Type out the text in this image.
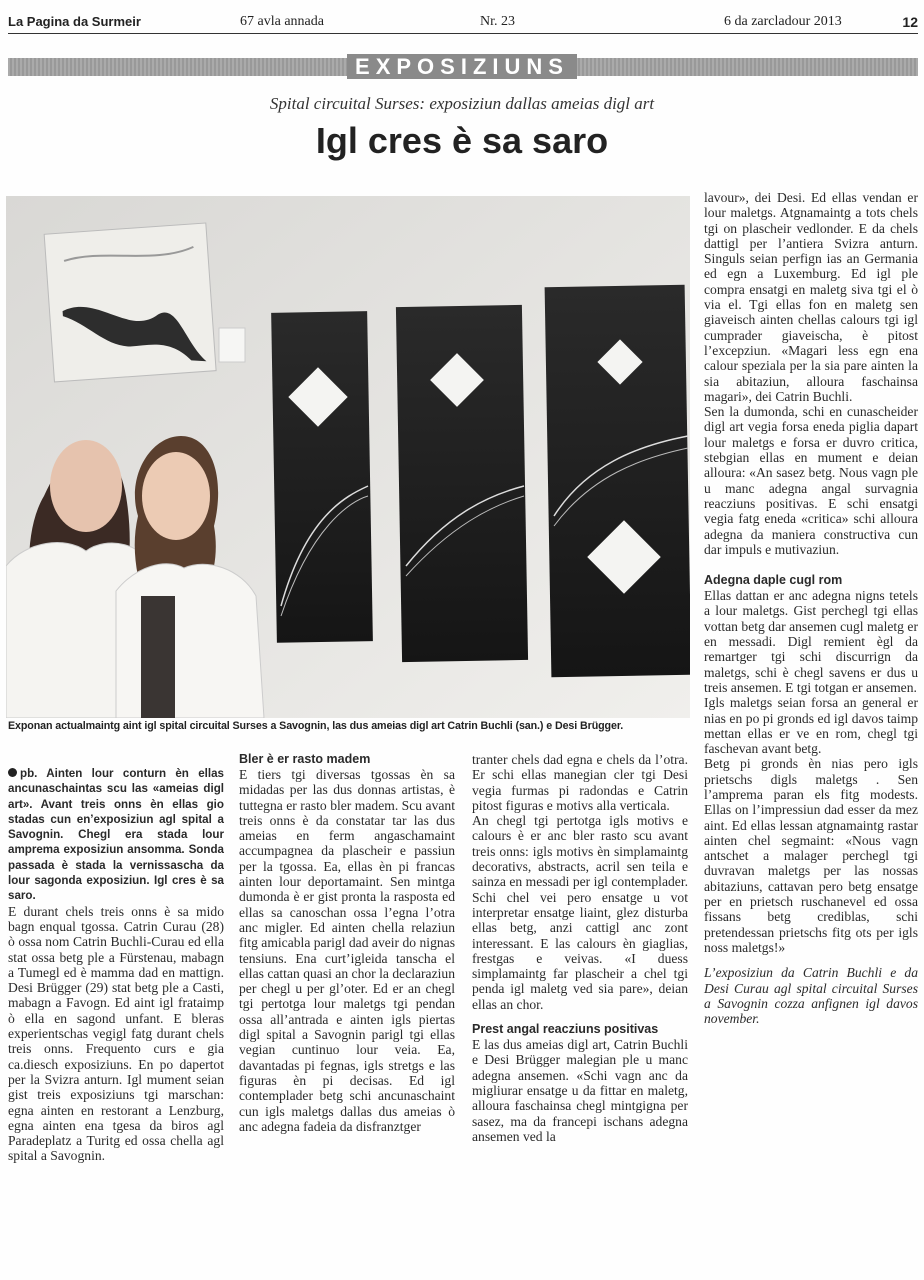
La Pagina da Surmeir	67 avla annada	Nr. 23	6 da zarcladour 2013	12
EXPOSIZIUNS
Spital circuital Surses: exposiziun dallas ameias digl art
Igl cres è sa saro
Exponan actualmaintg aint igl spital circuital Surses a Savognin, las dus ameias digl art Catrin Buchli (san.) e Desi Brügger.

pb. Ainten lour conturn èn ellas ancunaschaintas scu las «ameias digl art». Avant treis onns èn ellas gio stadas cun en’exposiziun agl spital a Savognin. Chegl era stada lour amprema exposiziun ansomma. Sonda passada è stada la vernissascha da lour sagonda exposiziun. Igl cres è sa saro.

E durant chels treis onns è sa mido bagn enqual tgossa. Catrin Curau (28) ò ossa nom Catrin Buchli-Curau ed ella stat ossa betg ple a Fürstenau, mabagn a Tumegl ed è mamma dad en mattign. Desi Brügger (29) stat betg ple a Casti, mabagn a Favogn. Ed aint igl frataimp ò ella en sagond unfant. E bleras experientschas vegigl fatg durant chels treis onns. Frequento curs e gia ca.diesch exposiziuns. En po dapertot per la Svizra anturn. Igl mument seian gist treis exposiziuns tgi marschan: egna ainten en restorant a Lenzburg, egna ainten ena tgesa da biros agl Paradeplatz a Turitg ed ossa chella agl spital a Savognin.

Bler è er rasto madem

E tiers tgi diversas tgossas èn sa midadas per las dus donnas artistas, è tuttegna er rasto bler madem. Scu avant treis onns è da constatar tar las dus ameias en ferm angaschamaint accumpagnea da plascheir e passiun per la tgossa. Ea, ellas èn pi francas ainten lour deportamaint. Sen mintga dumonda è er gist pronta la rasposta ed ellas sa canoschan ossa l’egna l’otra anc migler. Ed ainten chella relaziun fitg amicabla parigl dad aveir do nignas tensiuns. Ena curt’igleida tanscha el ellas cattan quasi an chor la declaraziun per chegl u per gl’oter. Ed er an chegl tgi pertotga lour maletgs tgi pendan ossa all’antrada e ainten igls piertas digl spital a Savognin parigl tgi ellas vegian cuntinuo lour veia. Ea, davantadas pi fegnas, igls stretgs e las figuras èn pi decisas. Ed igl contemplader betg schi ancunaschaint cun igls maletgs dallas dus ameias ò anc adegna fadeia da disfranztger

tranter chels dad egna e chels da l’otra. Er schi ellas manegian cler tgi Desi vegia furmas pi radondas e Catrin pitost figuras e motivs alla verticala.

An chegl tgi pertotga igls motivs e calours è er anc bler rasto scu avant treis onns: igls motivs èn simplamaintg decorativs, abstracts, acril sen teila e sainza en messadi per igl contemplader. Schi chel vei pero ensatge u vot interpretar ensatge liaint, glez disturba ellas betg, anzi cattigl anc zont interessant. E las calours èn giaglias, frestgas e veivas. «I duess simplamaintg far plascheir a chel tgi penda igl maletg ved sia pare», deian ellas an chor.

Prest angal reacziuns positivas

E las dus ameias digl art, Catrin Buchli e Desi Brügger malegian ple u manc adegna ansemen. «Schi vagn anc da migliurar ensatge u da fittar en maletg, alloura faschainsa chegl mintgigna per sasez, ma da francepi ischans adegna ansemen ved la

lavour», dei Desi. Ed ellas vendan er lour maletgs. Atgnamaintg a tots chels tgi on plascheir vedlonder. E da chels dattigl per l’antiera Svizra anturn. Singuls seian perfign ias an Germania ed egn a Luxemburg. Ed igl ple compra ensatgi en maletg siva tgi el ò via el. Tgi ellas fon en maletg sen giaveisch ainten chellas calours tgi igl cumprader giaveischa, è pitost l’excepziun. «Magari less egn ena calour speziala per la sia pare ainten la sia abitaziun, alloura faschainsa magari», dei Catrin Buchli.

Sen la dumonda, schi en cunascheider digl art vegia forsa eneda piglia dapart lour maletgs e forsa er duvro critica, stebgian ellas en mument e deian alloura: «An sasez betg. Nous vagn ple u manc adegna angal survagnia reacziuns positivas. E schi ensatgi vegia fatg eneda «critica» schi alloura adegna da maniera constructiva cun dar impuls e mutivaziun.

Adegna daple cugl rom

Ellas dattan er anc adegna nigns tetels a lour maletgs. Gist perchegl tgi ellas vottan betg dar ansemen cugl maletg er en messadi. Digl remient ègl da remartger tgi schi discurrign da maletgs, schi è chegl savens er dus u treis ansemen. E tgi totgan er ansemen.

Igls maletgs seian forsa an general er nias en po pi gronds ed igl davos taimp mettan ellas er ve en rom, chegl tgi faschevan avant betg.

Betg pi gronds èn nias pero igls prietschs digls maletgs . Sen l’amprema paran els fitg modests. Ellas on l’impressiun dad esser da mez aint. Ed ellas lessan atgnamaintg rastar ainten chel segmaint: «Nous vagn antschet a malager perchegl tgi duvravan maletgs per las nossas abitaziuns, cattavan pero betg ensatge per en prietsch ruschanevel ed ossa fissans betg crediblas, schi pretendessan prietschs fitg ots per igls noss maletgs!»

L’exposiziun da Catrin Buchli e da Desi Curau agl spital circuital Surses a Savognin cozza anfignen igl davos november.
